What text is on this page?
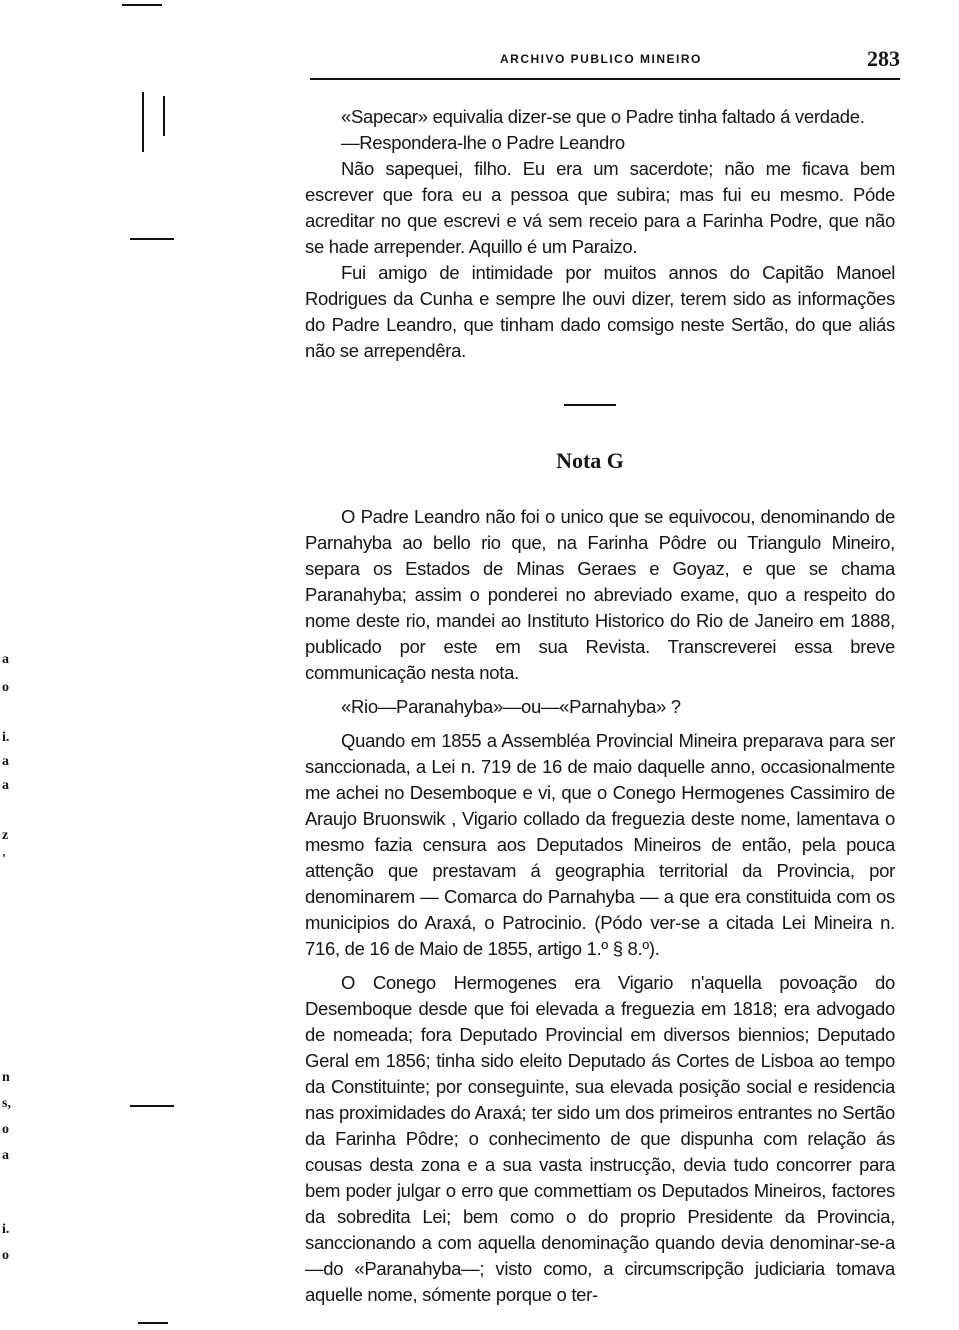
a
o
i.
a
a
z
'
n
s,
o
a
i.
o
ARCHIVO PUBLICO MINEIRO	283

«Sapecar» equivalia dizer-se que o Padre tinha faltado á verdade.

—Respondera-lhe o Padre Leandro

Não sapequei, filho. Eu era um sacerdote; não me ficava bem escrever que fora eu a pessoa que subira; mas fui eu mesmo. Póde acreditar no que escrevi e vá sem receio para a Farinha Podre, que não se hade arrepender. Aquillo é um Paraizo.

Fui amigo de intimidade por muitos annos do Capitão Manoel Rodrigues da Cunha e sempre lhe ouvi dizer, terem sido as informações do Padre Leandro, que tinham dado comsigo neste Sertão, do que aliás não se arrependêra.

Nota G

O Padre Leandro não foi o unico que se equivocou, denominando de Parnahyba ao bello rio que, na Farinha Pôdre ou Triangulo Mineiro, separa os Estados de Minas Geraes e Goyaz, e que se chama Paranahyba; assim o ponderei no abreviado exame, quo a respeito do nome deste rio, mandei ao Instituto Historico do Rio de Janeiro em 1888, publicado por este em sua Revista. Transcreverei essa breve communicação nesta nota.

«Rio—Paranahyba»—ou—«Parnahyba» ?

Quando em 1855 a Assembléa Provincial Mineira preparava para ser sanccionada, a Lei n. 719 de 16 de maio daquelle anno, occasionalmente me achei no Desemboque e vi, que o Conego Hermogenes Cassimiro de Araujo Bruonswik , Vigario collado da freguezia deste nome, lamentava o mesmo fazia censura aos Deputados Mineiros de então, pela pouca attenção que prestavam á geographia territorial da Provincia, por denominarem — Comarca do Parnahyba — a que era constituida com os municipios do Araxá, o Patrocinio. (Pódo ver-se a citada Lei Mineira n. 716, de 16 de Maio de 1855, artigo 1.º § 8.º).

O Conego Hermogenes era Vigario n'aquella povoação do Desemboque desde que foi elevada a freguezia em 1818; era advogado de nomeada; fora Deputado Provincial em diversos biennios; Deputado Geral em 1856; tinha sido eleito Deputado ás Cortes de Lisboa ao tempo da Constituinte; por conseguinte, sua elevada posição social e residencia nas proximidades do Araxá; ter sido um dos primeiros entrantes no Sertão da Farinha Pôdre; o conhecimento de que dispunha com relação ás cousas desta zona e a sua vasta instrucção, devia tudo concorrer para bem poder julgar o erro que commettiam os Deputados Mineiros, factores da sobredita Lei; bem como o do proprio Presidente da Provincia, sanccionando a com aquella denominação quando devia denominar-se-a—do «Paranahyba—; visto como, a circumscripção judiciaria tomava aquelle nome, sómente porque o ter-
